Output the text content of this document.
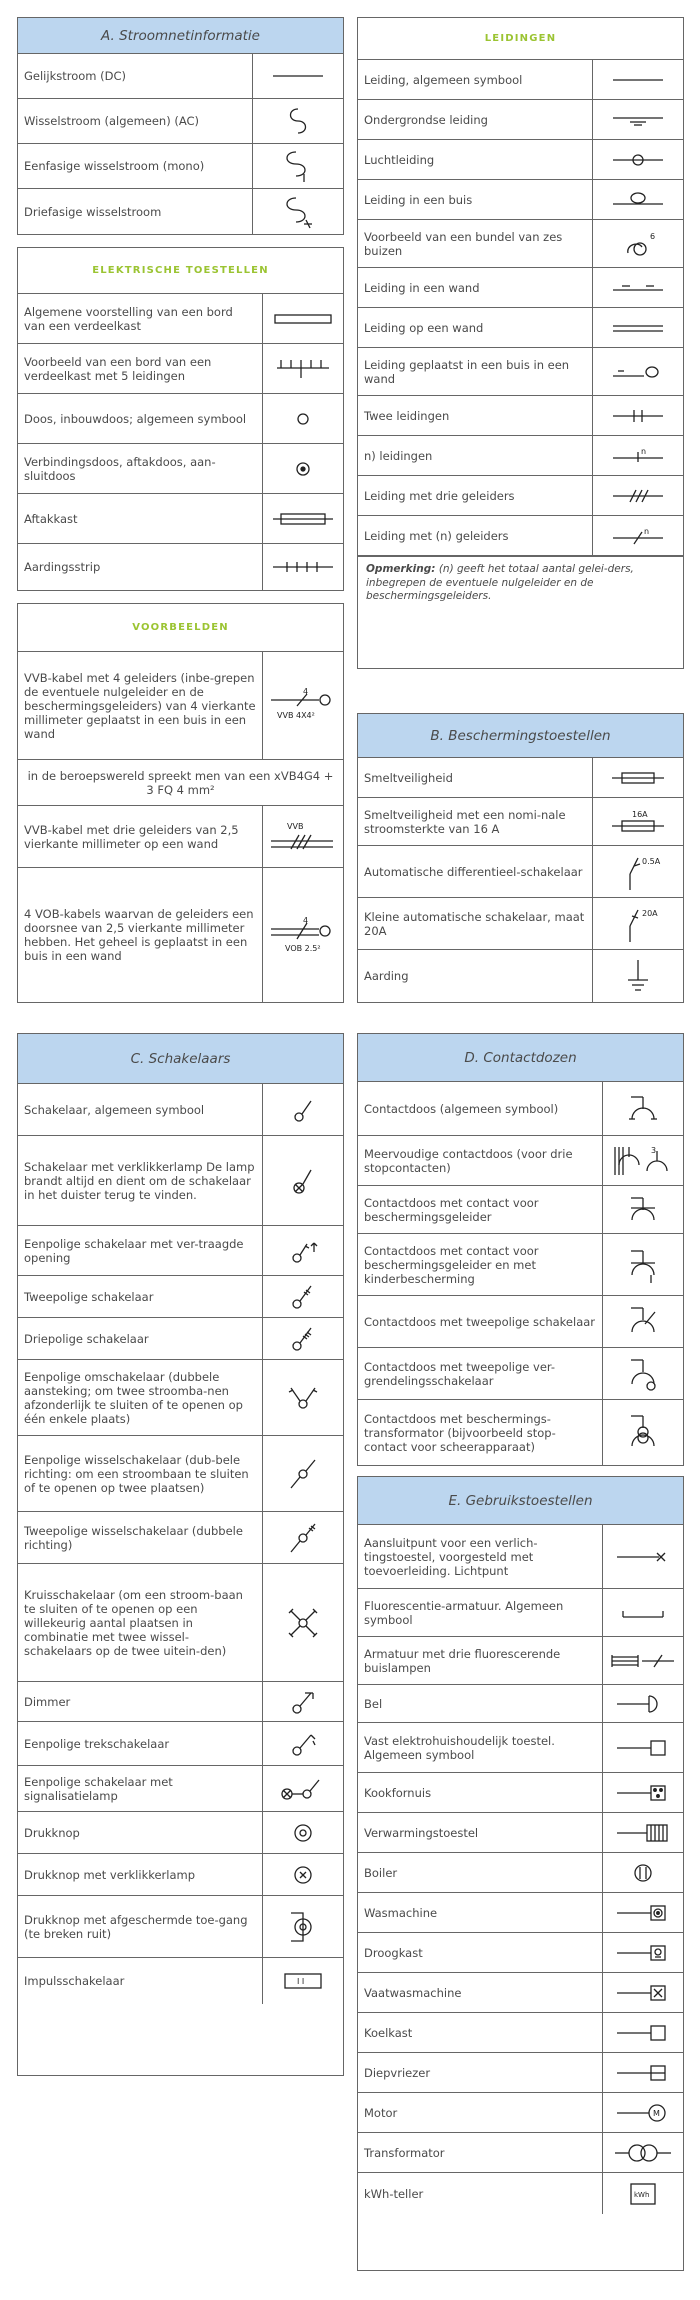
A. Stroomnetinformatie
Gelijkstroom (DC)
Wisselstroom (algemeen) (AC)
Eenfasige wisselstroom (mono)
Driefasige wisselstroom
ELEKTRISCHE TOESTELLEN
Algemene voorstelling van een bord van een verdeelkast
Voorbeeld van een bord van een verdeelkast met 5 leidingen
Doos, inbouwdoos; algemeen symbool
Verbindingsdoos, aftakdoos, aan-sluitdoos
Aftakkast
Aardingsstrip
VOORBEELDEN
VVB-kabel met 4 geleiders (inbe-grepen de eventuele nulgeleider en de beschermingsgeleiders) van 4 vierkante millimeter geplaatst in een buis in een wand
4
VVB 4X4²
in de beroepswereld spreekt men van een xVB4G4 + 3 FQ 4 mm²
VVB-kabel met drie geleiders van 2,5 vierkante millimeter op een wand
VVB
4 VOB-kabels waarvan de geleiders een doorsnee van 2,5 vierkante millimeter hebben. Het geheel is geplaatst in een buis in een wand
4
VOB 2.5²
LEIDINGEN
Leiding, algemeen symbool
Ondergrondse leiding
Luchtleiding
Leiding in een buis
Voorbeeld van een bundel van zes buizen
6
Leiding in een wand
Leiding op een wand
Leiding geplaatst in een buis in een wand
Twee leidingen
n) leidingen	n
Leiding met drie geleiders
Leiding met (n) geleiders	n
Opmerking: (n) geeft het totaal aantal gelei-ders, inbegrepen de eventuele nulgeleider en de beschermingsgeleiders.
B. Beschermingstoestellen
Smeltveiligheid
Smeltveiligheid met een nomi-nale stroomsterkte van 16 A
16A
Automatische differentieel-schakelaar
0.5A
Kleine automatische schakelaar, maat 20A
20A
Aarding
C. Schakelaars
Schakelaar, algemeen symbool
Schakelaar met verklikkerlamp De lamp brandt altijd en dient om de schakelaar in het duister terug te vinden.
Eenpolige schakelaar met ver-traagde opening
Tweepolige schakelaar
Driepolige schakelaar
Eenpolige omschakelaar (dubbele aansteking; om twee stroomba-nen afzonderlijk te sluiten of te openen op één enkele plaats)
Eenpolige wisselschakelaar (dub-bele richting: om een stroombaan te sluiten of te openen op twee plaatsen)
Tweepolige wisselschakelaar (dubbele richting)
Kruisschakelaar (om een stroom-baan te sluiten of te openen op een willekeurig aantal plaatsen in combinatie met twee wissel-schakelaars op de twee uitein-den)
Dimmer
Eenpolige trekschakelaar
Eenpolige schakelaar met signalisatielamp
Drukknop
Drukknop met verklikkerlamp
Drukknop met afgeschermde toe-gang (te breken ruit)
Impulsschakelaar	I I
D. Contactdozen
Contactdoos (algemeen symbool)
Meervoudige contactdoos (voor drie stopcontacten)
3
Contactdoos met contact voor beschermingsgeleider
Contactdoos met contact voor beschermingsgeleider en met kinderbescherming
Contactdoos met tweepolige schakelaar
Contactdoos met tweepolige ver-grendelingsschakelaar
Contactdoos met beschermings-transformator (bijvoorbeeld stop-contact voor scheerapparaat)
E. Gebruikstoestellen
Aansluitpunt voor een verlich-tingstoestel, voorgesteld met toevoerleiding. Lichtpunt
Fluorescentie-armatuur. Algemeen symbool
Armatuur met drie fluorescerende buislampen
Bel
Vast elektrohuishoudelijk toestel. Algemeen symbool
Kookfornuis
Verwarmingstoestel
Boiler
Wasmachine
Droogkast
Vaatwasmachine
Koelkast
Diepvriezer
Motor	M
Transformator
kWh-teller	kWh
